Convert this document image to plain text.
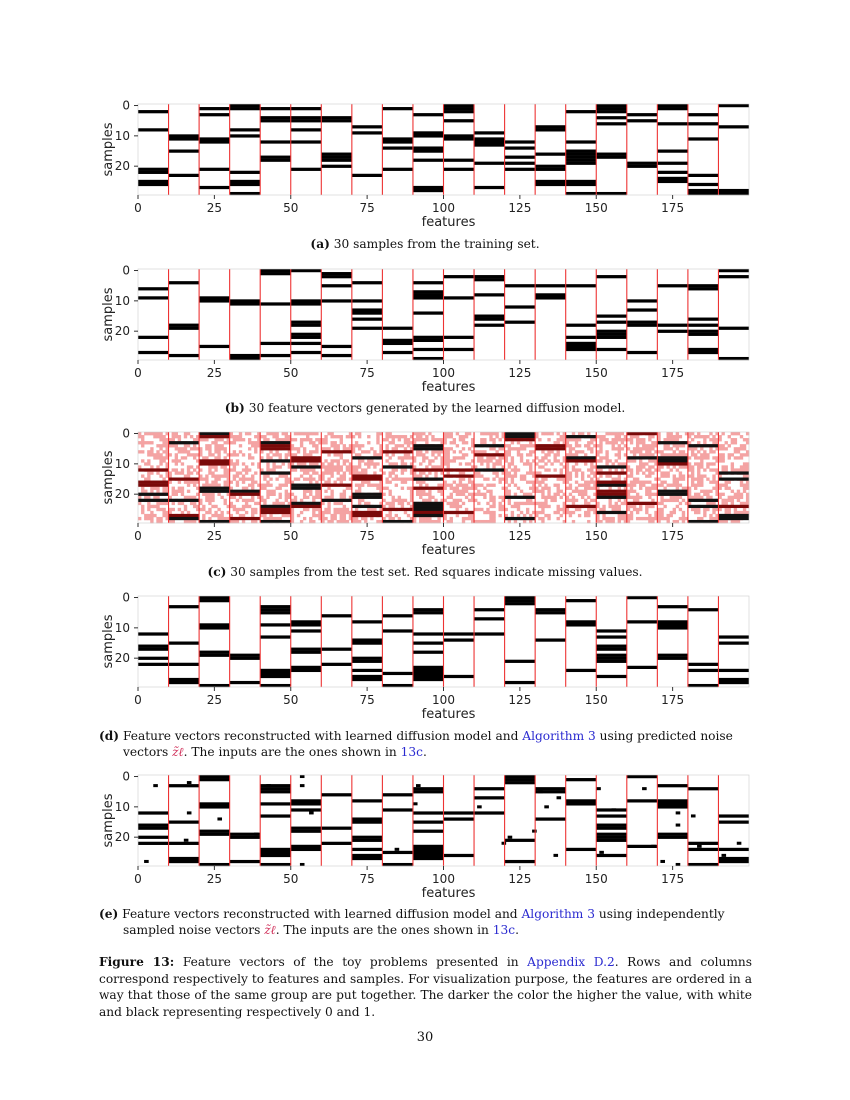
0	25	50	75	100	125	150	175
0
10
20
features
samples
(a) 30 samples from the training set.
0	25	50	75	100	125	150	175
0
10
20
features
samples
(b) 30 feature vectors generated by the learned diffusion model.
0	25	50	75	100	125	150	175
0
10
20
features
samples
(c) 30 samples from the test set. Red squares indicate missing values.
0	25	50	75	100	125	150	175
0
10
20
features
samples
(d) Feature vectors reconstructed with learned diffusion model and Algorithm 3 using predicted noise vectors z̃ℓ. The inputs are the ones shown in 13c.
0	25	50	75	100	125	150	175
0
10
20
features
samples
(e) Feature vectors reconstructed with learned diffusion model and Algorithm 3 using independently sampled noise vectors z̃ℓ. The inputs are the ones shown in 13c.
Figure 13: Feature vectors of the toy problems presented in Appendix D.2. Rows and columns correspond respectively to features and samples. For visualization purpose, the features are ordered in a way that those of the same group are put together. The darker the color the higher the value, with white and black representing respectively 0 and 1.
30
